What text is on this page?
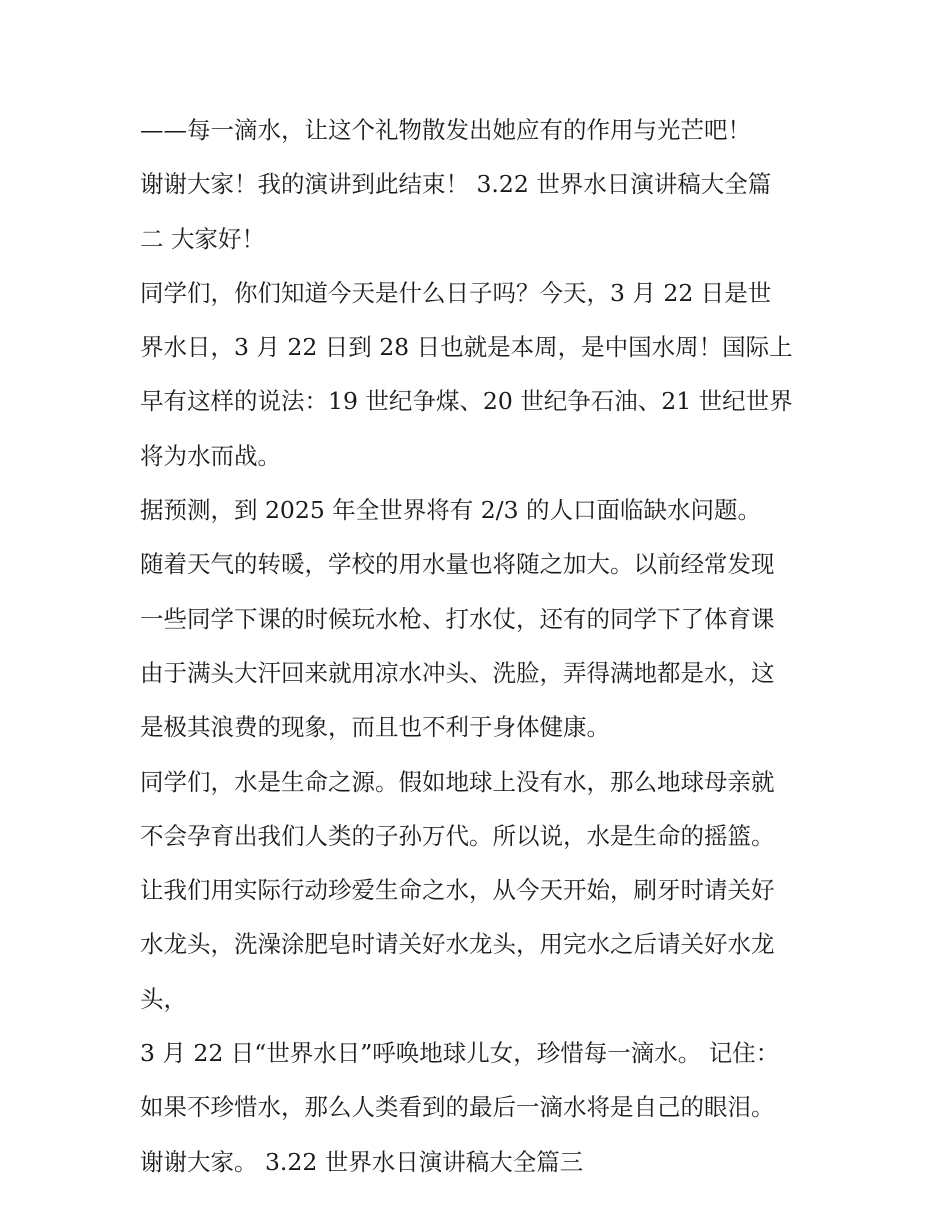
——每一滴水，让这个礼物散发出她应有的作用与光芒吧！
谢谢大家！我的演讲到此结束！ 3.22 世界水日演讲稿大全篇
二 大家好！
同学们，你们知道今天是什么日子吗？今天，3 月 22 日是世
界水日，3 月 22 日到 28 日也就是本周，是中国水周！国际上
早有这样的说法：19 世纪争煤、20 世纪争石油、21 世纪世界
将为水而战。
据预测，到 2025 年全世界将有 2/3 的人口面临缺水问题。
随着天气的转暖，学校的用水量也将随之加大。以前经常发现
一些同学下课的时候玩水枪、打水仗，还有的同学下了体育课
由于满头大汗回来就用凉水冲头、洗脸，弄得满地都是水，这
是极其浪费的现象，而且也不利于身体健康。
同学们，水是生命之源。假如地球上没有水，那么地球母亲就
不会孕育出我们人类的子孙万代。所以说，水是生命的摇篮。
让我们用实际行动珍爱生命之水，从今天开始，刷牙时请关好
水龙头，洗澡涂肥皂时请关好水龙头，用完水之后请关好水龙
头，
3 月 22 日“世界水日”呼唤地球儿女，珍惜每一滴水。 记住：
如果不珍惜水，那么人类看到的最后一滴水将是自己的眼泪。
谢谢大家。 3.22 世界水日演讲稿大全篇三
